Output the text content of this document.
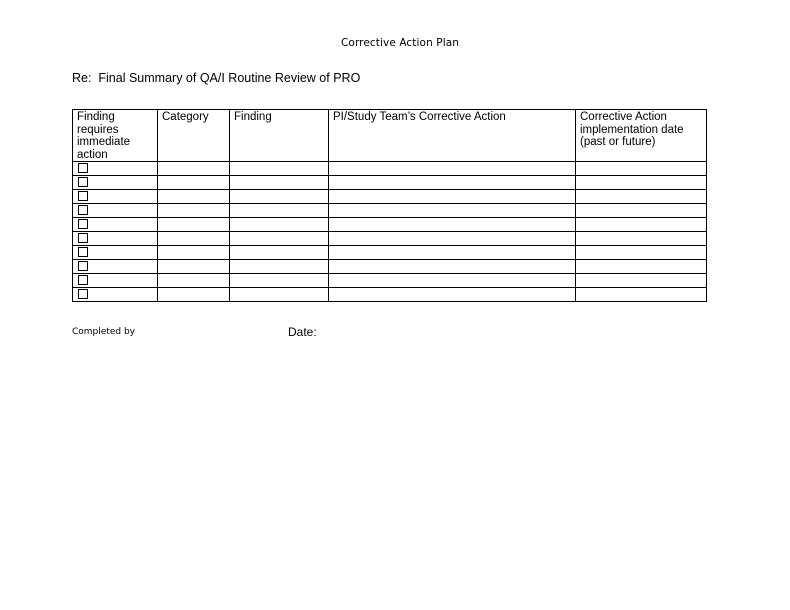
Corrective Action Plan
Re:  Final Summary of QA/I Routine Review of PRO
Finding requires immediate action	Category	Finding	PI/Study Team’s Corrective Action	Corrective Action implementation date (past or future)

Completed by	Date:
